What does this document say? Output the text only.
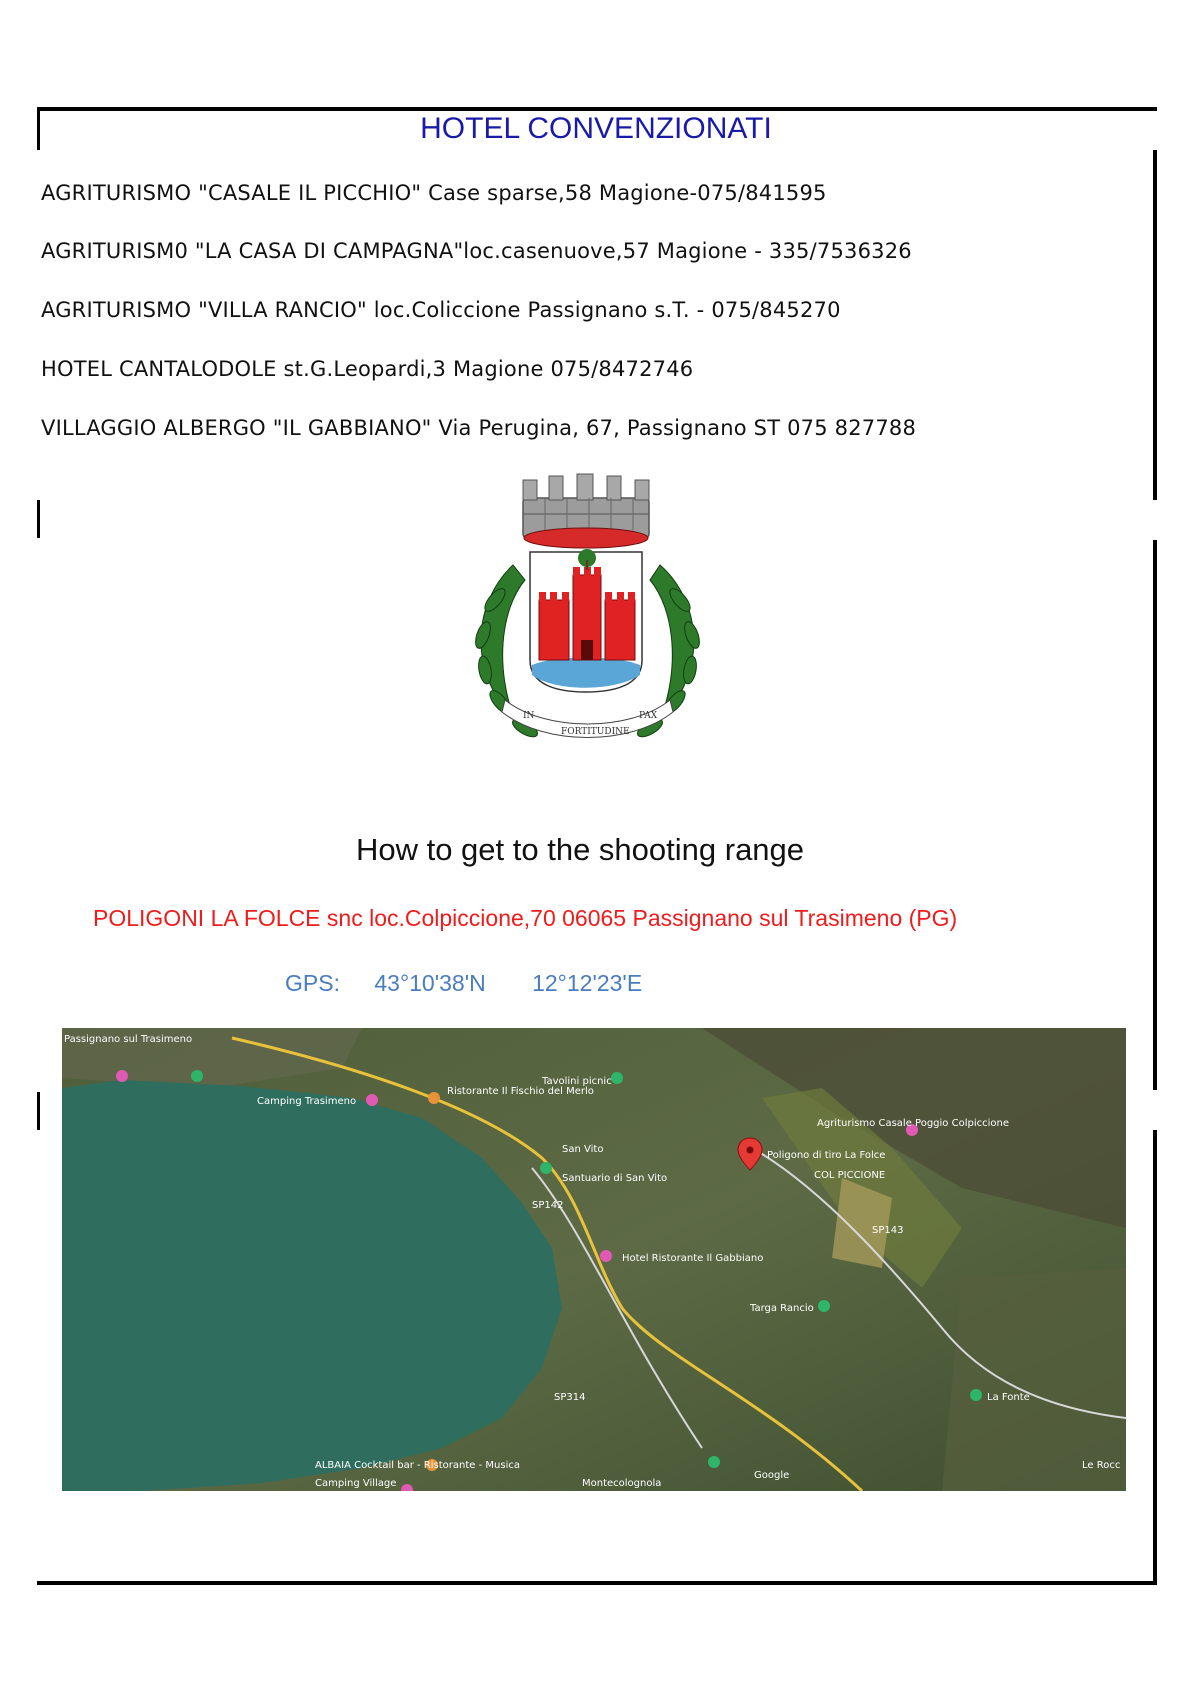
HOTEL CONVENZIONATI
AGRITURISMO "CASALE IL PICCHIO" Case sparse,58 Magione-075/841595
AGRITURISM0 "LA CASA DI CAMPAGNA"loc.casenuove,57 Magione - 335/7536326
AGRITURISMO "VILLA RANCIO" loc.Coliccione Passignano s.T. - 075/845270
HOTEL CANTALODOLE st.G.Leopardi,3 Magione 075/8472746
VILLAGGIO ALBERGO "IL GABBIANO" Via Perugina, 67, Passignano ST 075 827788
IN
FORTITUDINE
PAX
How to get to the shooting range
POLIGONI LA FOLCE snc loc.Colpiccione,70 06065 Passignano sul Trasimeno (PG)
GPS: 43°10'38'N 12°12'23'E
Passignano sul Trasimeno
Camping Trasimeno
Ristorante Il Fischio del Merlo
Tavolini picnic
San Vito
Santuario di San Vito
Agriturismo Casale Poggio Colpiccione
Poligono di tiro La Folce
COL PICCIONE
Hotel Ristorante Il Gabbiano
Targa Rancio
La Fonte
ALBAIA Cocktail bar - Ristorante - Musica
Camping Village	Montecolognola
Google
Le Rocc
SP142
SP143
SP314
